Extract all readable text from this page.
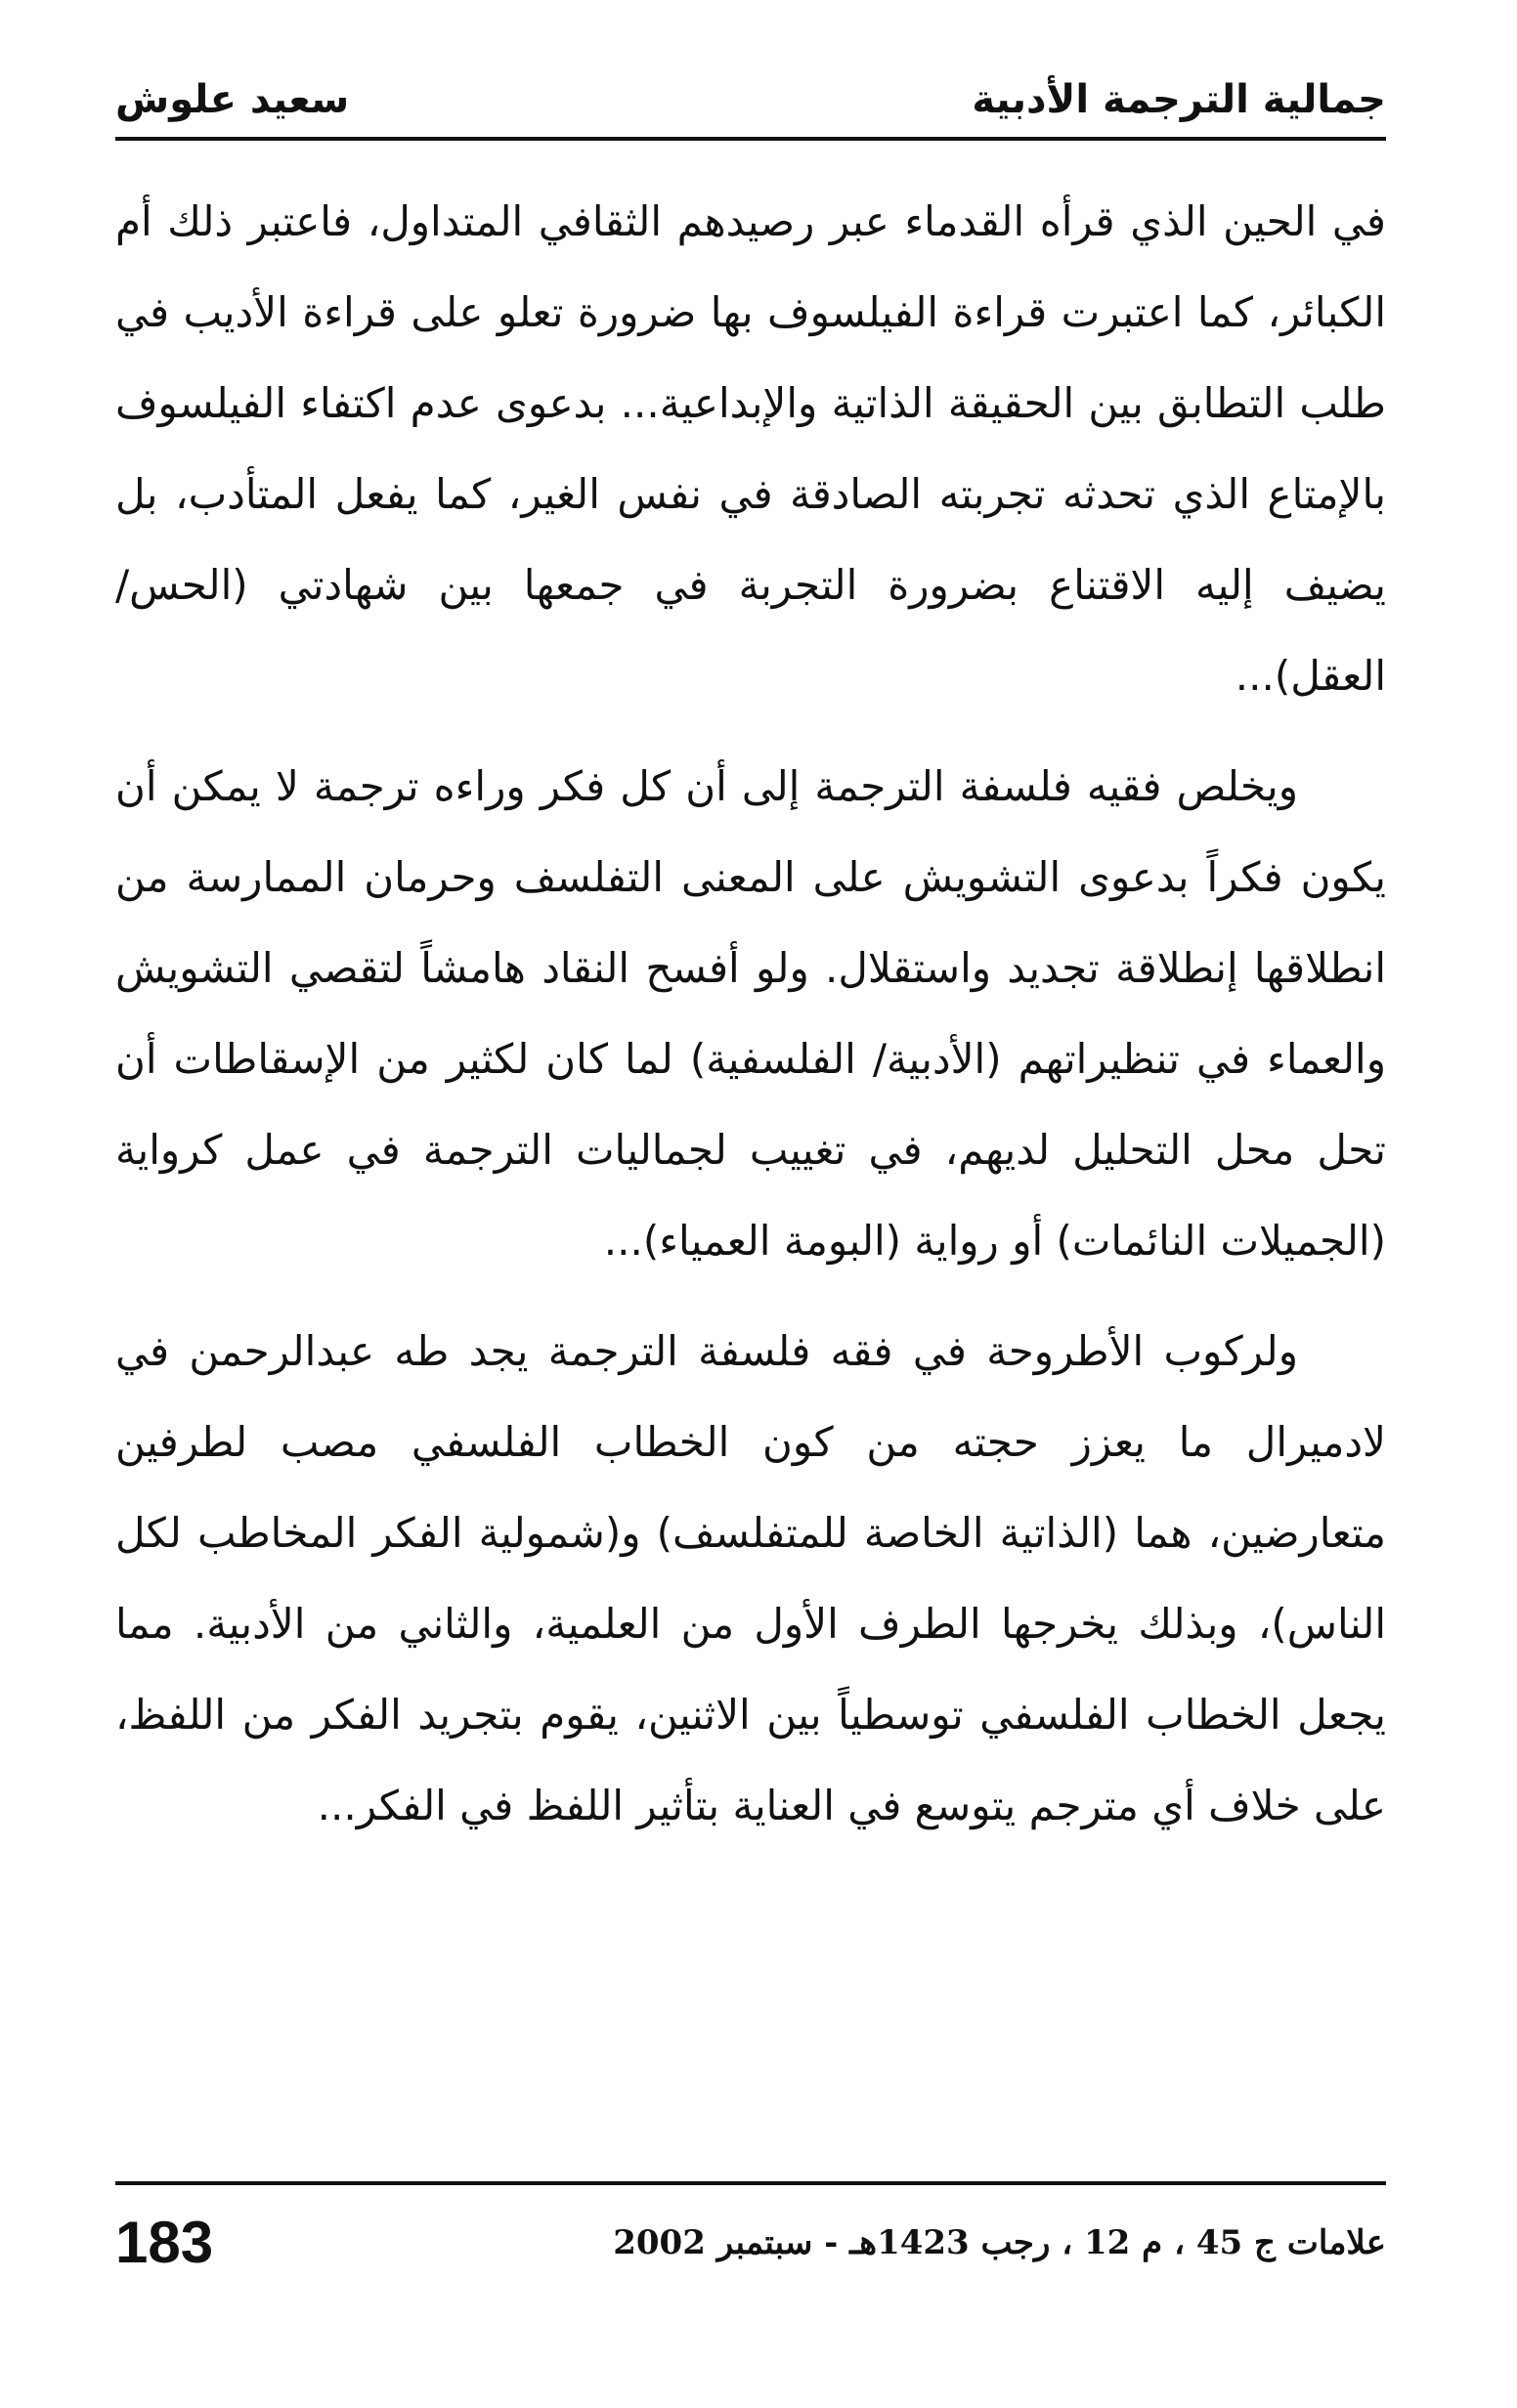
جمالية الترجمة الأدبية
سعيد علوش

في الحين الذي قرأه القدماء عبر رصيدهم الثقافي المتداول، فاعتبر ذلك أم الكبائر، كما اعتبرت قراءة الفيلسوف بها ضرورة تعلو على قراءة الأديب في طلب التطابق بين الحقيقة الذاتية والإبداعية... بدعوى عدم اكتفاء الفيلسوف بالإمتاع الذي تحدثه تجربته الصادقة في نفس الغير، كما يفعل المتأدب، بل يضيف إليه الاقتناع بضرورة التجربة في جمعها بين شهادتي (الحس/ العقل)...

ويخلص فقيه فلسفة الترجمة إلى أن كل فكر وراءه ترجمة لا يمكن أن يكون فكراً بدعوى التشويش على المعنى التفلسف وحرمان الممارسة من انطلاقها إنطلاقة تجديد واستقلال. ولو أفسح النقاد هامشاً لتقصي التشويش والعماء في تنظيراتهم (الأدبية/ الفلسفية) لما كان لكثير من الإسقاطات أن تحل محل التحليل لديهم، في تغييب لجماليات الترجمة في عمل كرواية (الجميلات النائمات) أو رواية (البومة العمياء)...

ولركوب الأطروحة في فقه فلسفة الترجمة يجد طه عبدالرحمن في لادميرال ما يعزز حجته من كون الخطاب الفلسفي مصب لطرفين متعارضين، هما (الذاتية الخاصة للمتفلسف) و(شمولية الفكر المخاطب لكل الناس)، وبذلك يخرجها الطرف الأول من العلمية، والثاني من الأدبية. مما يجعل الخطاب الفلسفي توسطياً بين الاثنين، يقوم بتجريد الفكر من اللفظ، على خلاف أي مترجم يتوسع في العناية بتأثير اللفظ في الفكر...

علامات ج 45 ، م 12 ، رجب 1423هـ - سبتمبر 2002
183
